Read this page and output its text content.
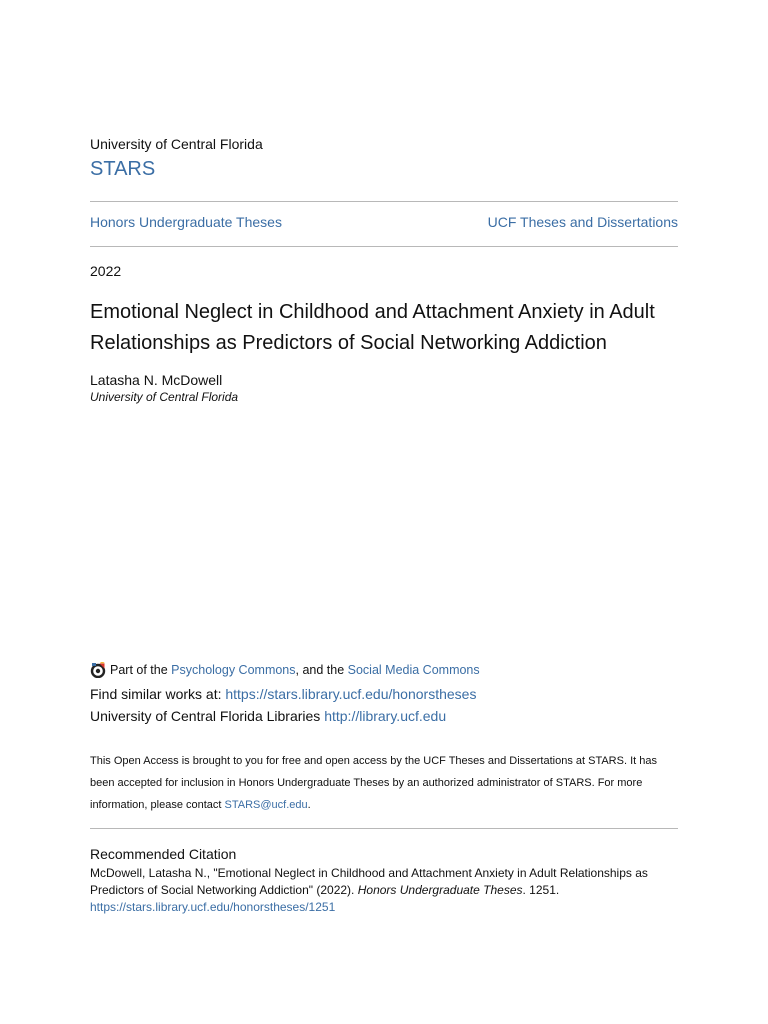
University of Central Florida
STARS
Honors Undergraduate Theses	UCF Theses and Dissertations
2022
Emotional Neglect in Childhood and Attachment Anxiety in Adult Relationships as Predictors of Social Networking Addiction
Latasha N. McDowell
University of Central Florida
Part of the Psychology Commons , and the Social Media Commons
Find similar works at: https://stars.library.ucf.edu/honorstheses
University of Central Florida Libraries http://library.ucf.edu
This Open Access is brought to you for free and open access by the UCF Theses and Dissertations at STARS. It has been accepted for inclusion in Honors Undergraduate Theses by an authorized administrator of STARS. For more information, please contact STARS@ucf.edu.
Recommended Citation
McDowell, Latasha N., "Emotional Neglect in Childhood and Attachment Anxiety in Adult Relationships as Predictors of Social Networking Addiction" (2022). Honors Undergraduate Theses. 1251.
https://stars.library.ucf.edu/honorstheses/1251
